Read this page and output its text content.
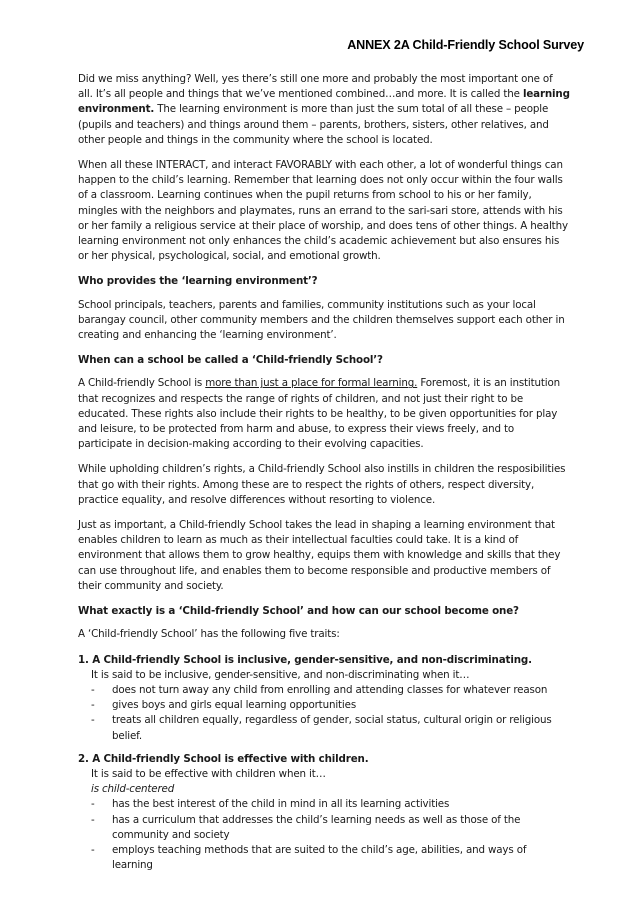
ANNEX 2A Child-Friendly School Survey

Did we miss anything? Well, yes there’s still one more and probably the most important one of all. It’s all people and things that we’ve mentioned combined…and more. It is called the learning environment. The learning environment is more than just the sum total of all these – people (pupils and teachers) and things around them – parents, brothers, sisters, other relatives, and other people and things in the community where the school is located.

When all these INTERACT, and interact FAVORABLY with each other, a lot of wonderful things can happen to the child’s learning. Remember that learning does not only occur within the four walls of a classroom. Learning continues when the pupil returns from school to his or her family, mingles with the neighbors and playmates, runs an errand to the sari-sari store, attends with his or her family a religious service at their place of worship, and does tens of other things. A healthy learning environment not only enhances the child’s academic achievement but also ensures his or her physical, psychological, social, and emotional growth.

Who provides the ‘learning environment’?

School principals, teachers, parents and families, community institutions such as your local barangay council, other community members and the children themselves support each other in creating and enhancing the ‘learning environment’.

When can a school be called a ‘Child-friendly School’?

A Child-friendly School is more than just a place for formal learning. Foremost, it is an institution that recognizes and respects the range of rights of children, and not just their right to be educated. These rights also include their rights to be healthy, to be given opportunities for play and leisure, to be protected from harm and abuse, to express their views freely, and to participate in decision-making according to their evolving capacities.

While upholding children’s rights, a Child-friendly School also instills in children the resposibilities that go with their rights. Among these are to respect the rights of others, respect diversity, practice equality, and resolve differences without resorting to violence.

Just as important, a Child-friendly School takes the lead in shaping a learning environment that enables children to learn as much as their intellectual faculties could take. It is a kind of environment that allows them to grow healthy, equips them with knowledge and skills that they can use throughout life, and enables them to become responsible and productive members of their community and society.

What exactly is a ‘Child-friendly School’ and how can our school become one?

A ‘Child-friendly School’ has the following five traits:

1. A Child-friendly School is inclusive, gender-sensitive, and non-discriminating.
It is said to be inclusive, gender-sensitive, and non-discriminating when it…
- does not turn away any child from enrolling and attending classes for whatever reason
- gives boys and girls equal learning opportunities
- treats all children equally, regardless of gender, social status, cultural origin or religious belief.
2. A Child-friendly School is effective with children.
It is said to be effective with children when it…
is child-centered
- has the best interest of the child in mind in all its learning activities
- has a curriculum that addresses the child’s learning needs as well as those of the community and society
- employs teaching methods that are suited to the child’s age, abilities, and ways of learning
